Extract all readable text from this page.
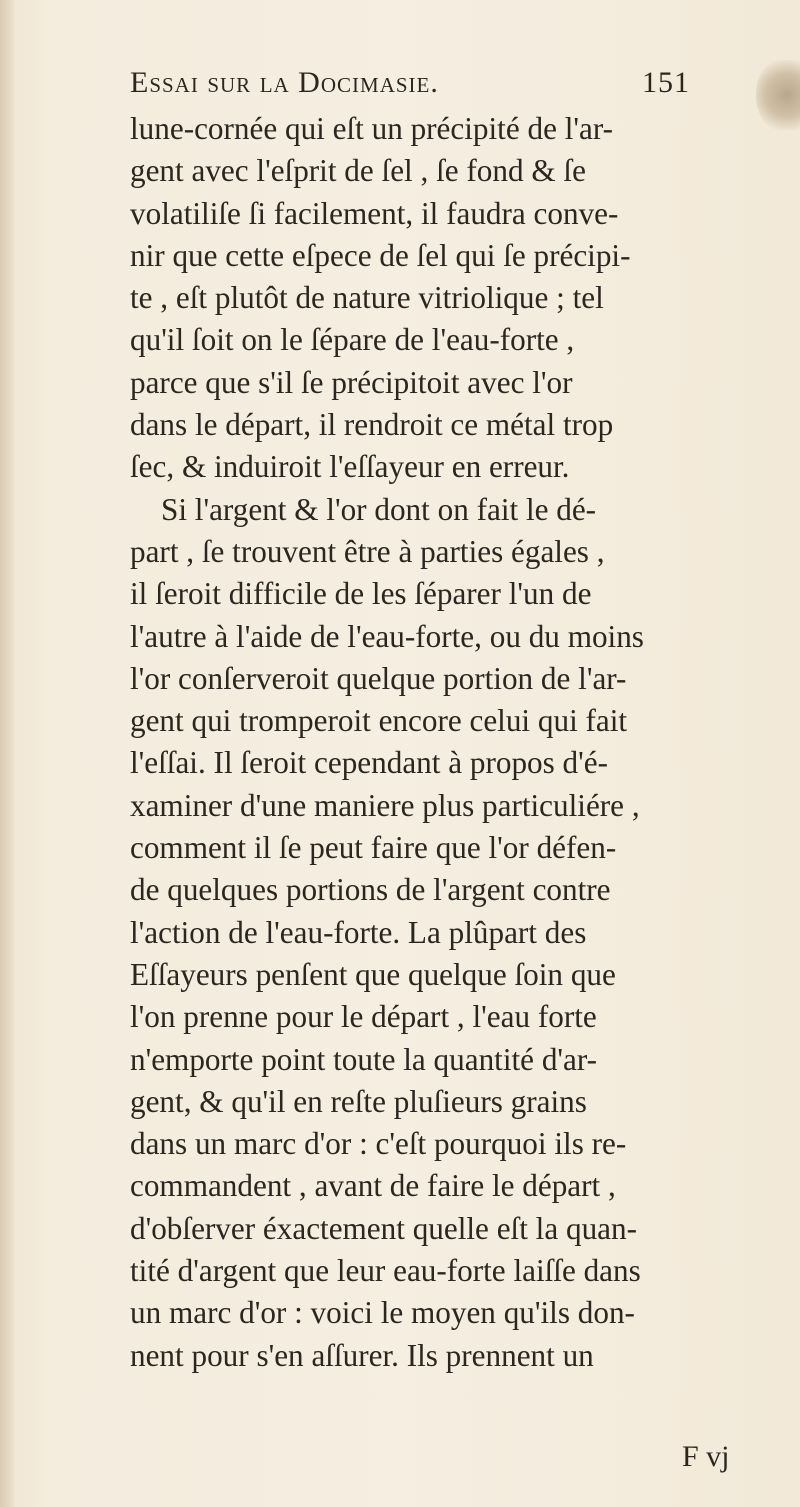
Essai sur la Docimasie.	151
lune-cornée qui eſt un précipité de l'ar-
gent avec l'eſprit de ſel , ſe fond & ſe
volatiliſe ſi facilement, il faudra conve-
nir que cette eſpece de ſel qui ſe précipi-
te , eſt plutôt de nature vitriolique ; tel
qu'il ſoit on le ſépare de l'eau-forte ,
parce que s'il ſe précipitoit avec l'or
dans le départ, il rendroit ce métal trop
ſec, & induiroit l'eſſayeur en erreur.
Si l'argent & l'or dont on fait le dé-
part , ſe trouvent être à parties égales ,
il ſeroit difficile de les ſéparer l'un de
l'autre à l'aide de l'eau-forte, ou du moins
l'or conſerveroit quelque portion de l'ar-
gent qui tromperoit encore celui qui fait
l'eſſai. Il ſeroit cependant à propos d'é-
xaminer d'une maniere plus particuliére ,
comment il ſe peut faire que l'or défen-
de quelques portions de l'argent contre
l'action de l'eau-forte. La plûpart des
Eſſayeurs penſent que quelque ſoin que
l'on prenne pour le départ , l'eau forte
n'emporte point toute la quantité d'ar-
gent, & qu'il en reſte pluſieurs grains
dans un marc d'or : c'eſt pourquoi ils re-
commandent , avant de faire le départ ,
d'obſerver éxactement quelle eſt la quan-
tité d'argent que leur eau-forte laiſſe dans
un marc d'or : voici le moyen qu'ils don-
nent pour s'en aſſurer. Ils prennent un
F vj
